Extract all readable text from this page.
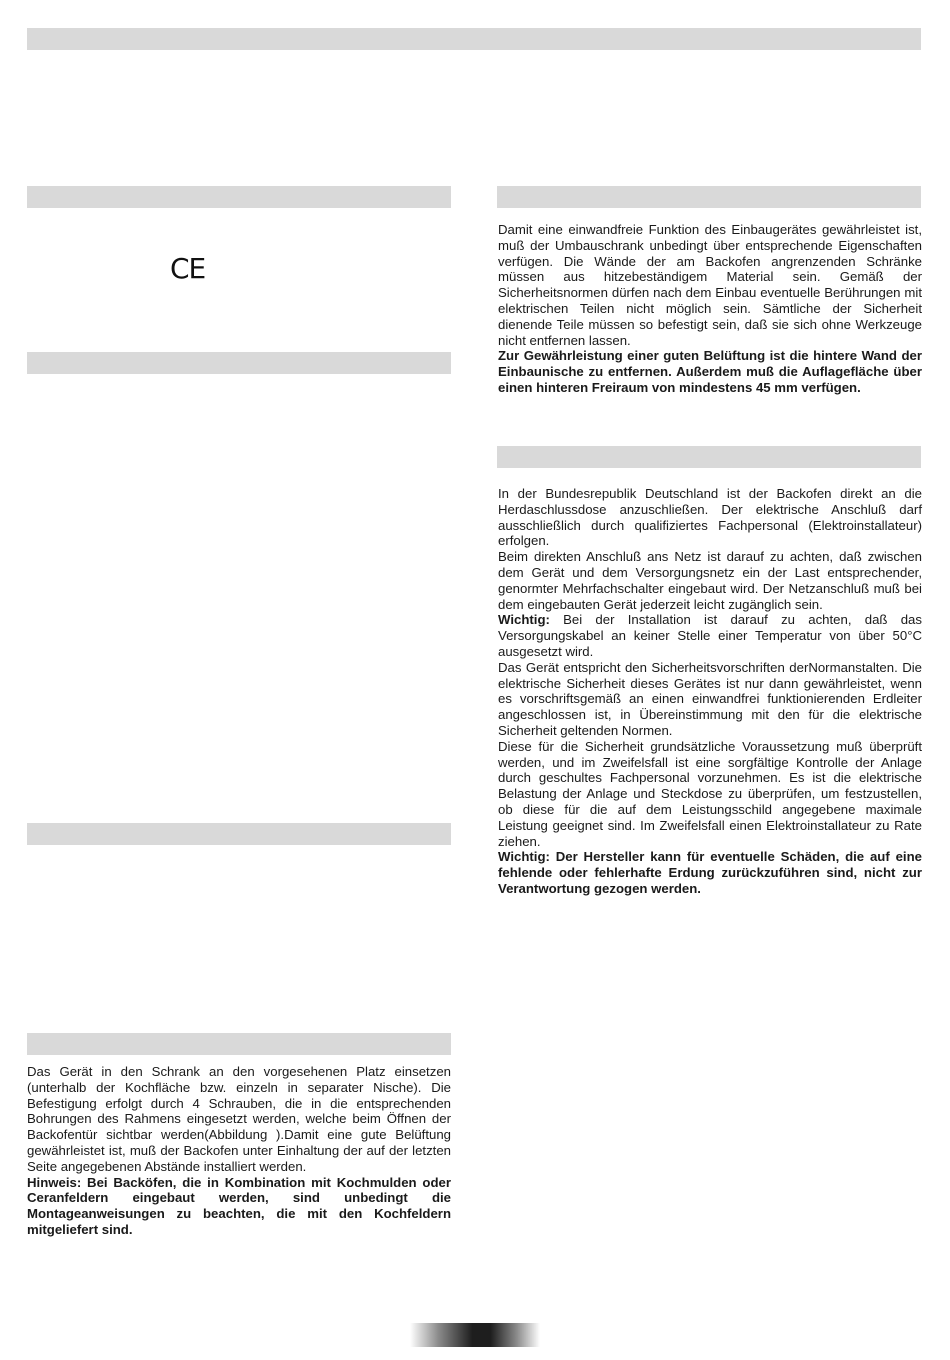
CE

Damit eine einwandfreie Funktion des Einbaugerätes gewährleistet ist, muß der Umbauschrank unbedingt über entsprechende Eigenschaften verfügen. Die Wände der am Backofen angrenzenden Schränke müssen aus hitzebeständigem Material sein. Gemäß der Sicherheitsnormen dürfen nach dem Einbau eventuelle Berührungen mit elektrischen Teilen nicht möglich sein. Sämtliche der Sicherheit dienende Teile müssen so befestigt sein, daß sie sich ohne Werkzeuge nicht entfernen lassen.

Zur Gewährleistung einer guten Belüftung ist die hintere Wand der Einbaunische zu entfernen. Außerdem muß die Auflagefläche über einen hinteren Freiraum von mindestens 45 mm verfügen.

In der Bundesrepublik Deutschland ist der Backofen direkt an die Herdaschlussdose anzuschließen. Der elektrische Anschluß darf ausschließlich durch qualifiziertes Fachpersonal (Elektroinstallateur) erfolgen.

Beim direkten Anschluß ans Netz ist darauf zu achten, daß zwischen dem Gerät und dem Versorgungsnetz ein der Last entsprechender, genormter Mehrfachschalter eingebaut wird. Der Netzanschluß muß bei dem eingebauten Gerät jederzeit leicht zugänglich sein.

Wichtig: Bei der Installation ist darauf zu achten, daß das Versorgungskabel an keiner Stelle einer Temperatur von über 50°C ausgesetzt wird.

Das Gerät entspricht den Sicherheitsvorschriften derNormanstalten. Die elektrische Sicherheit dieses Gerätes ist nur dann gewährleistet, wenn es vorschriftsgemäß an einen einwandfrei funktionierenden Erdleiter angeschlossen ist, in Übereinstimmung mit den für die elektrische Sicherheit geltenden Normen.

Diese für die Sicherheit grundsätzliche Voraussetzung muß überprüft werden, und im Zweifelsfall ist eine sorgfältige Kontrolle der Anlage durch geschultes Fachpersonal vorzunehmen. Es ist die elektrische Belastung der Anlage und Steckdose zu überprüfen, um festzustellen, ob diese für die auf dem Leistungsschild angegebene maximale Leistung geeignet sind. Im Zweifelsfall einen Elektroinstallateur zu Rate ziehen.

Wichtig: Der Hersteller kann für eventuelle Schäden, die auf eine fehlende oder fehlerhafte Erdung zurückzuführen sind, nicht zur Verantwortung gezogen werden.

Das Gerät in den Schrank an den vorgesehenen Platz einsetzen (unterhalb der Kochfläche bzw. einzeln in separater Nische). Die Befestigung erfolgt durch 4 Schrauben, die in die entsprechenden Bohrungen des Rahmens eingesetzt werden, welche beim Öffnen der Backofentür sichtbar werden(Abbildung ).Damit eine gute Belüftung gewährleistet ist, muß der Backofen unter Einhaltung der auf der letzten Seite angegebenen Abstände installiert werden.

Hinweis: Bei Backöfen, die in Kombination mit Kochmulden oder Ceranfeldern eingebaut werden, sind unbedingt die Montageanweisungen zu beachten, die mit den Kochfeldern mitgeliefert sind.
